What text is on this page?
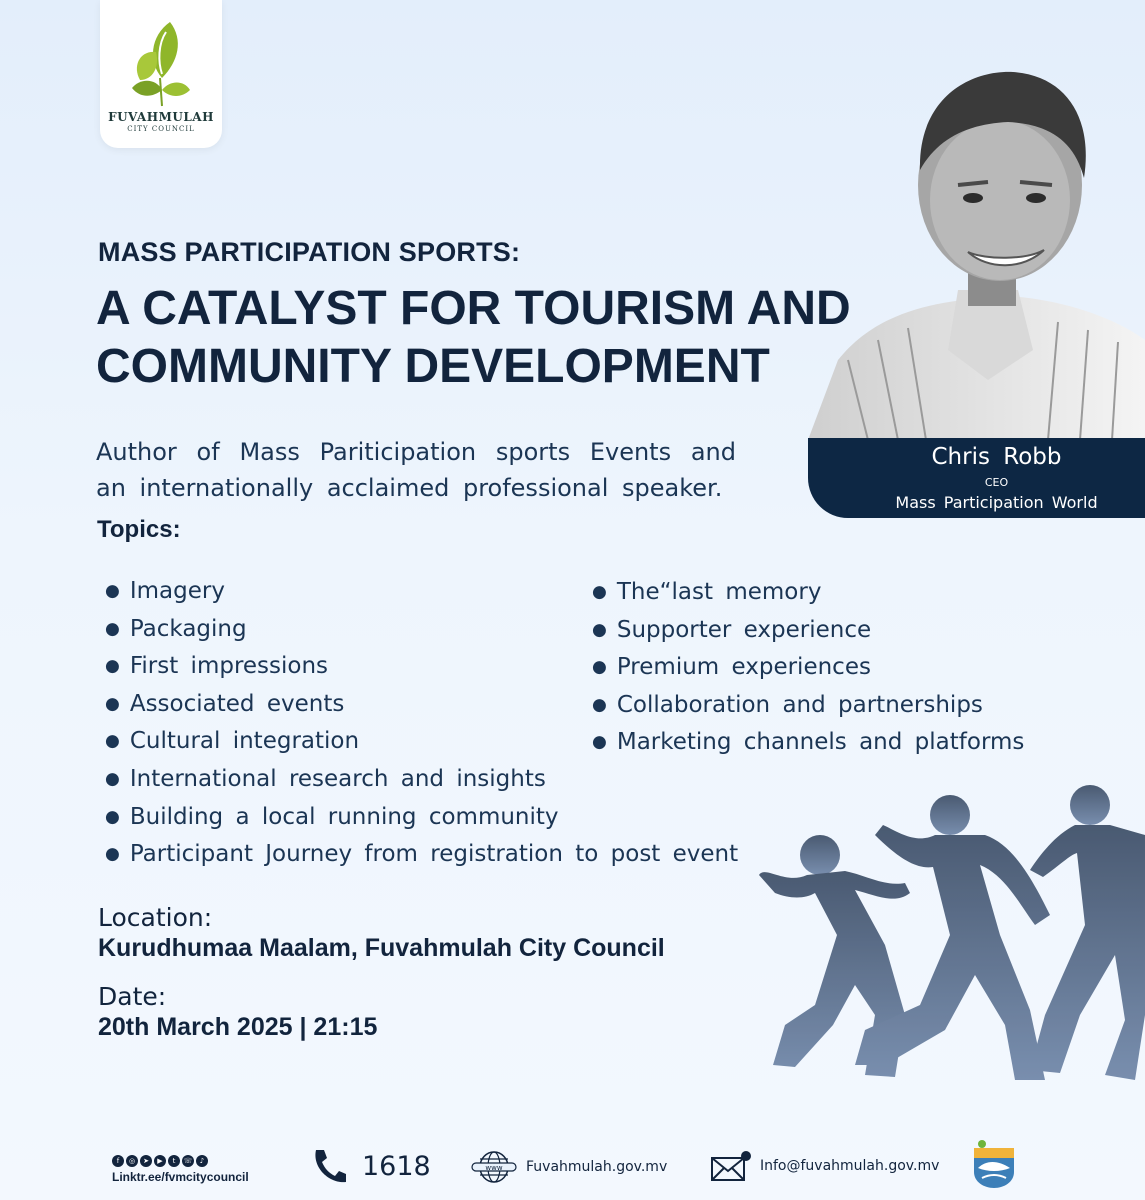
FUVAHMULAH
CITY COUNCIL
MASS PARTICIPATION SPORTS:
A CATALYST FOR TOURISM AND
COMMUNITY DEVELOPMENT
Author of Mass Pariticipation sports Events and an internationally acclaimed professional speaker.
Chris Robb
CEO
Mass Participation World
Topics:
● Imagery
● Packaging
● First impressions
● Associated events
● Cultural integration
● International research and insights
● Building a local running community
● Participant Journey from registration to post event
● The“last memory
● Supporter experience
● Premium experiences
● Collaboration and partnerships
● Marketing channels and platforms
Location:
Kurudhumaa Maalam, Fuvahmulah City Council
Date:
20th March 2025 | 21:15
f	◎	➤	▶	t	☏	♪
Linktr.ee/fvmcitycouncil	1618	www Fuvahmulah.gov.mv	Info@fuvahmulah.gov.mv
